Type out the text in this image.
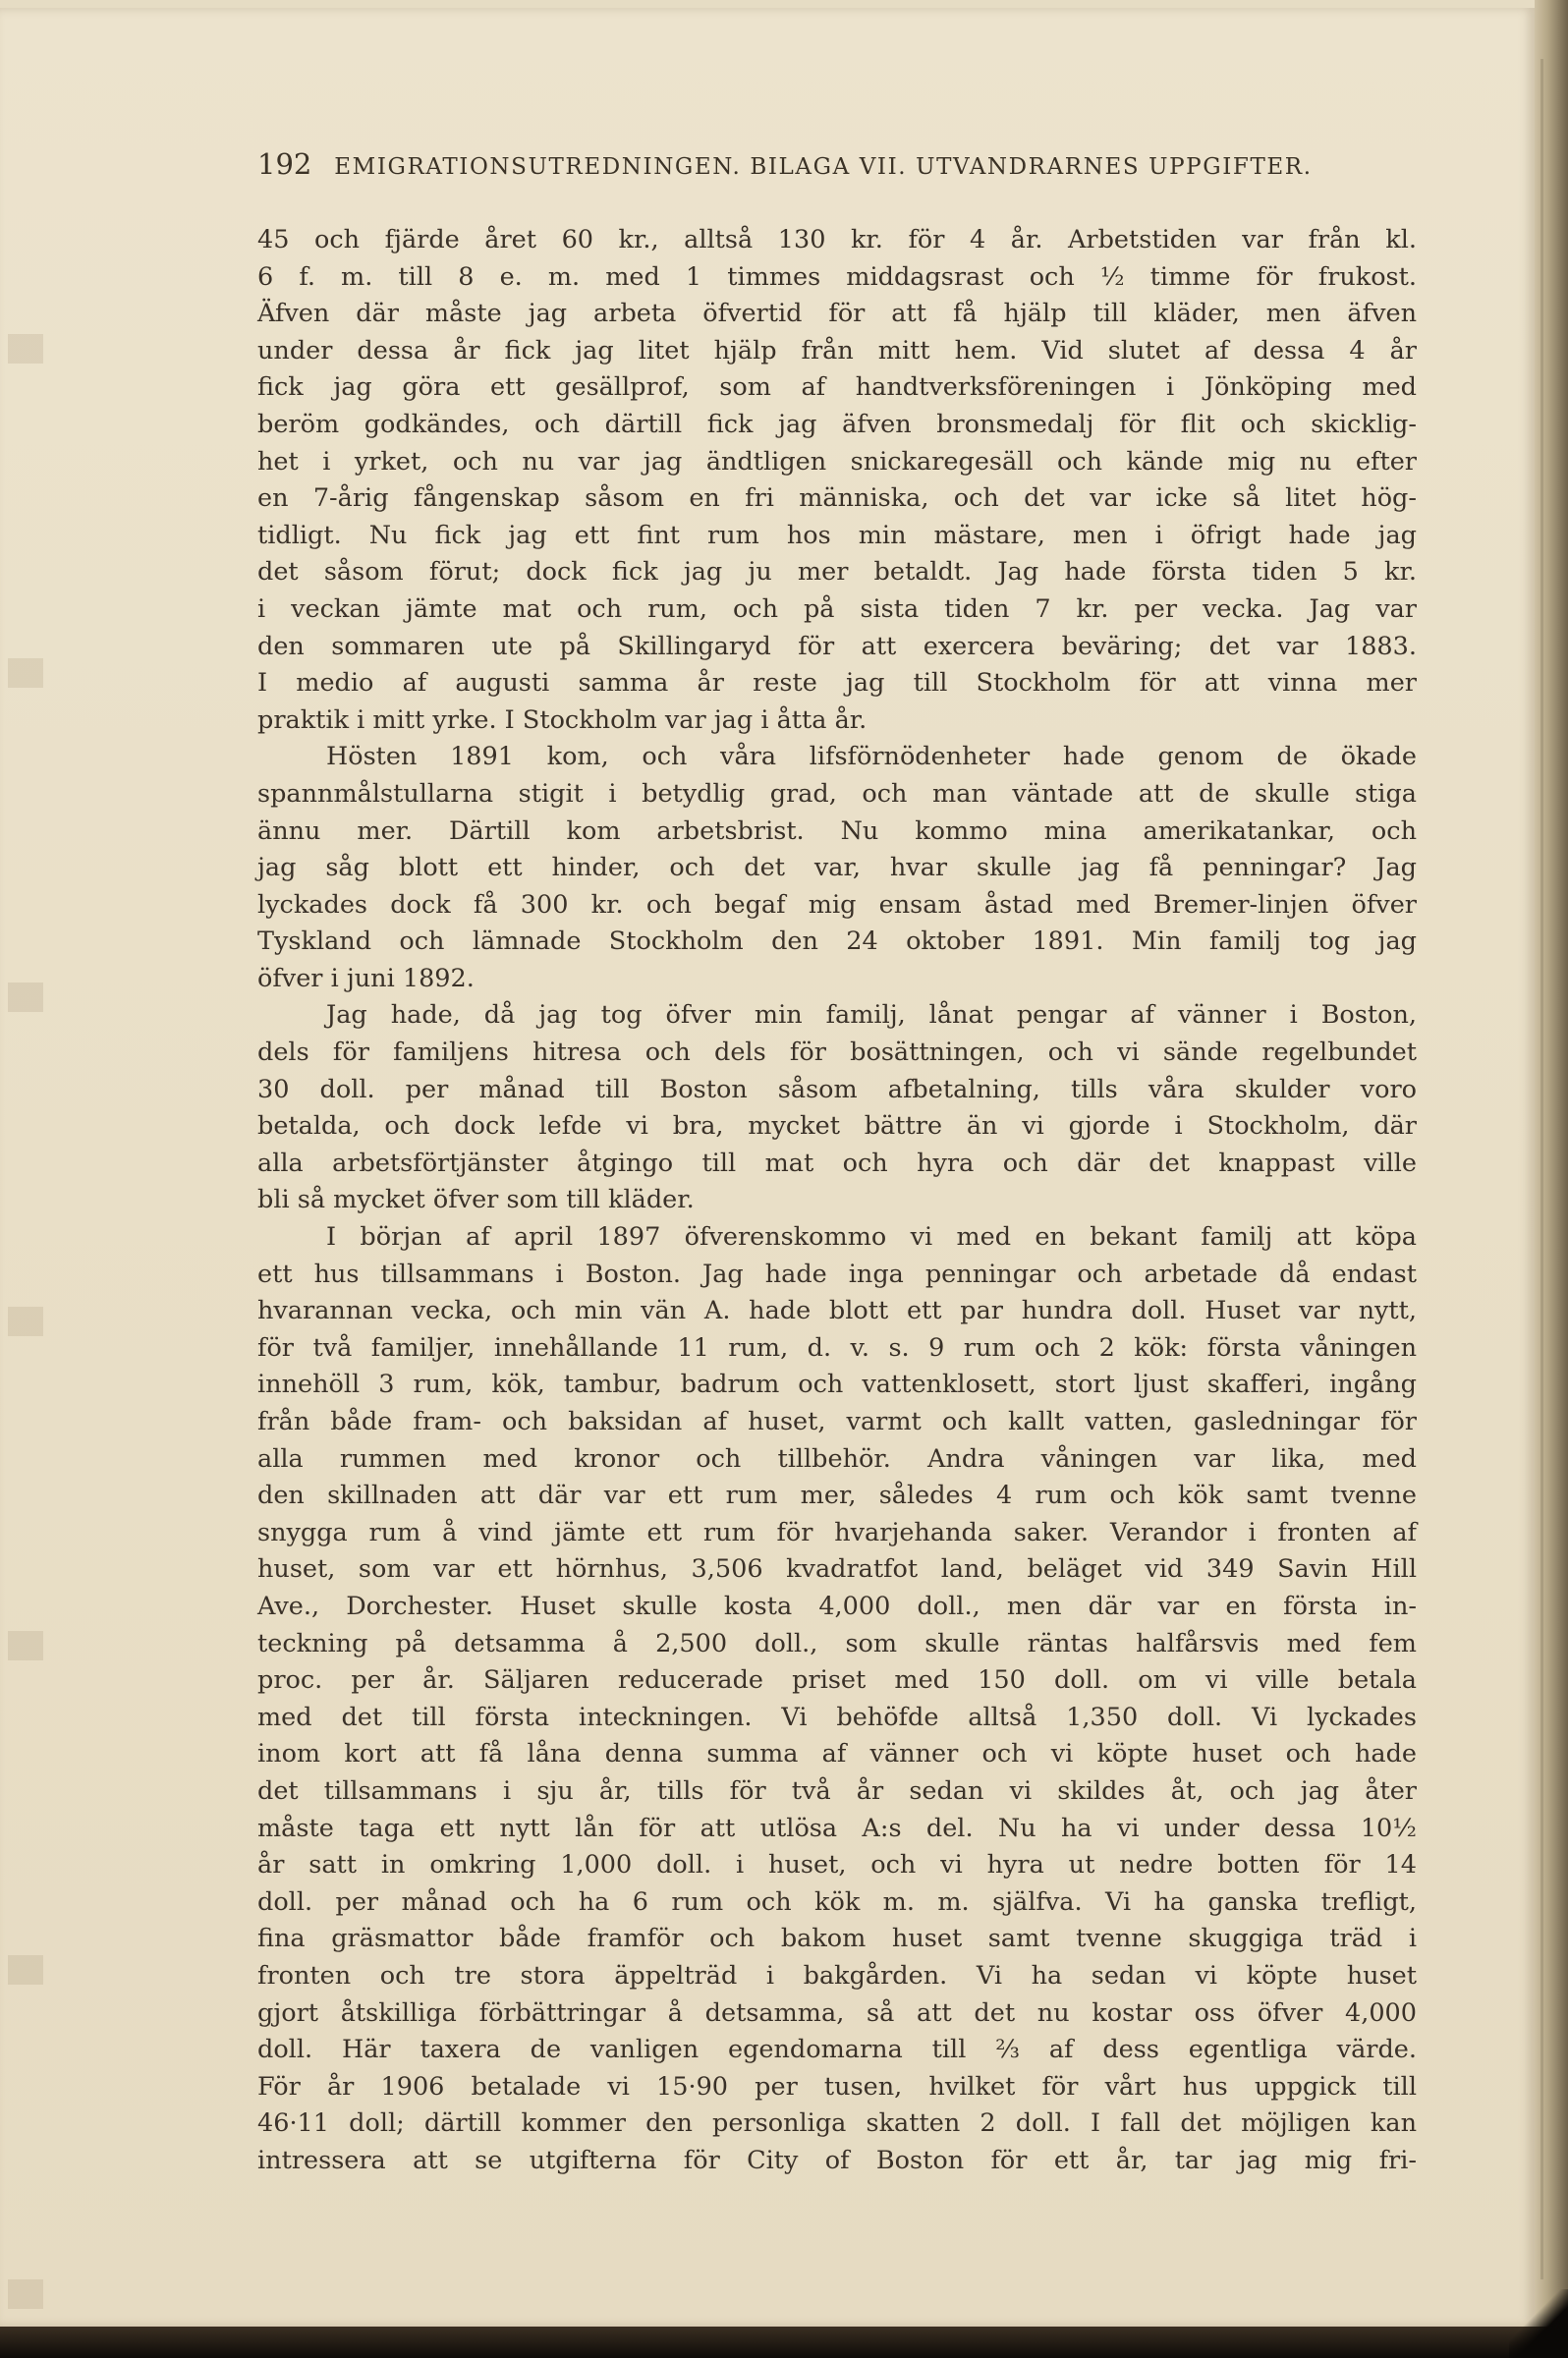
192 EMIGRATIONSUTREDNINGEN. BILAGA VII. UTVANDRARNES UPPGIFTER.
45 och fjärde året 60 kr., alltså 130 kr. för 4 år. Arbetstiden var från kl.
6 f. m. till 8 e. m. med 1 timmes middagsrast och ½ timme för frukost.
Äfven där måste jag arbeta öfvertid för att få hjälp till kläder, men äfven
under dessa år fick jag litet hjälp från mitt hem. Vid slutet af dessa 4 år
fick jag göra ett gesällprof, som af handtverksföreningen i Jönköping med
beröm godkändes, och därtill fick jag äfven bronsmedalj för flit och skicklig-
het i yrket, och nu var jag ändtligen snickaregesäll och kände mig nu efter
en 7-årig fångenskap såsom en fri människa, och det var icke så litet hög-
tidligt. Nu fick jag ett fint rum hos min mästare, men i öfrigt hade jag
det såsom förut; dock fick jag ju mer betaldt. Jag hade första tiden 5 kr.
i veckan jämte mat och rum, och på sista tiden 7 kr. per vecka. Jag var
den sommaren ute på Skillingaryd för att exercera beväring; det var 1883.
I medio af augusti samma år reste jag till Stockholm för att vinna mer
praktik i mitt yrke. I Stockholm var jag i åtta år.
Hösten 1891 kom, och våra lifsförnödenheter hade genom de ökade
spannmålstullarna stigit i betydlig grad, och man väntade att de skulle stiga
ännu mer. Därtill kom arbetsbrist. Nu kommo mina amerikatankar, och
jag såg blott ett hinder, och det var, hvar skulle jag få penningar? Jag
lyckades dock få 300 kr. och begaf mig ensam åstad med Bremer-linjen öfver
Tyskland och lämnade Stockholm den 24 oktober 1891. Min familj tog jag
öfver i juni 1892.
Jag hade, då jag tog öfver min familj, lånat pengar af vänner i Boston,
dels för familjens hitresa och dels för bosättningen, och vi sände regelbundet
30 doll. per månad till Boston såsom afbetalning, tills våra skulder voro
betalda, och dock lefde vi bra, mycket bättre än vi gjorde i Stockholm, där
alla arbetsförtjänster åtgingo till mat och hyra och där det knappast ville
bli så mycket öfver som till kläder.
I början af april 1897 öfverenskommo vi med en bekant familj att köpa
ett hus tillsammans i Boston. Jag hade inga penningar och arbetade då endast
hvarannan vecka, och min vän A. hade blott ett par hundra doll. Huset var nytt,
för två familjer, innehållande 11 rum, d. v. s. 9 rum och 2 kök: första våningen
innehöll 3 rum, kök, tambur, badrum och vattenklosett, stort ljust skafferi, ingång
från både fram- och baksidan af huset, varmt och kallt vatten, gasledningar för
alla rummen med kronor och tillbehör. Andra våningen var lika, med
den skillnaden att där var ett rum mer, således 4 rum och kök samt tvenne
snygga rum å vind jämte ett rum för hvarjehanda saker. Verandor i fronten af
huset, som var ett hörnhus, 3,506 kvadratfot land, beläget vid 349 Savin Hill
Ave., Dorchester. Huset skulle kosta 4,000 doll., men där var en första in-
teckning på detsamma å 2,500 doll., som skulle räntas halfårsvis med fem
proc. per år. Säljaren reducerade priset med 150 doll. om vi ville betala
med det till första inteckningen. Vi behöfde alltså 1,350 doll. Vi lyckades
inom kort att få låna denna summa af vänner och vi köpte huset och hade
det tillsammans i sju år, tills för två år sedan vi skildes åt, och jag åter
måste taga ett nytt lån för att utlösa A:s del. Nu ha vi under dessa 10½
år satt in omkring 1,000 doll. i huset, och vi hyra ut nedre botten för 14
doll. per månad och ha 6 rum och kök m. m. själfva. Vi ha ganska trefligt,
fina gräsmattor både framför och bakom huset samt tvenne skuggiga träd i
fronten och tre stora äppelträd i bakgården. Vi ha sedan vi köpte huset
gjort åtskilliga förbättringar å detsamma, så att det nu kostar oss öfver 4,000
doll. Här taxera de vanligen egendomarna till ⅔ af dess egentliga värde.
För år 1906 betalade vi 15·90 per tusen, hvilket för vårt hus uppgick till
46·11 doll; därtill kommer den personliga skatten 2 doll. I fall det möjligen kan
intressera att se utgifterna för City of Boston för ett år, tar jag mig fri-
